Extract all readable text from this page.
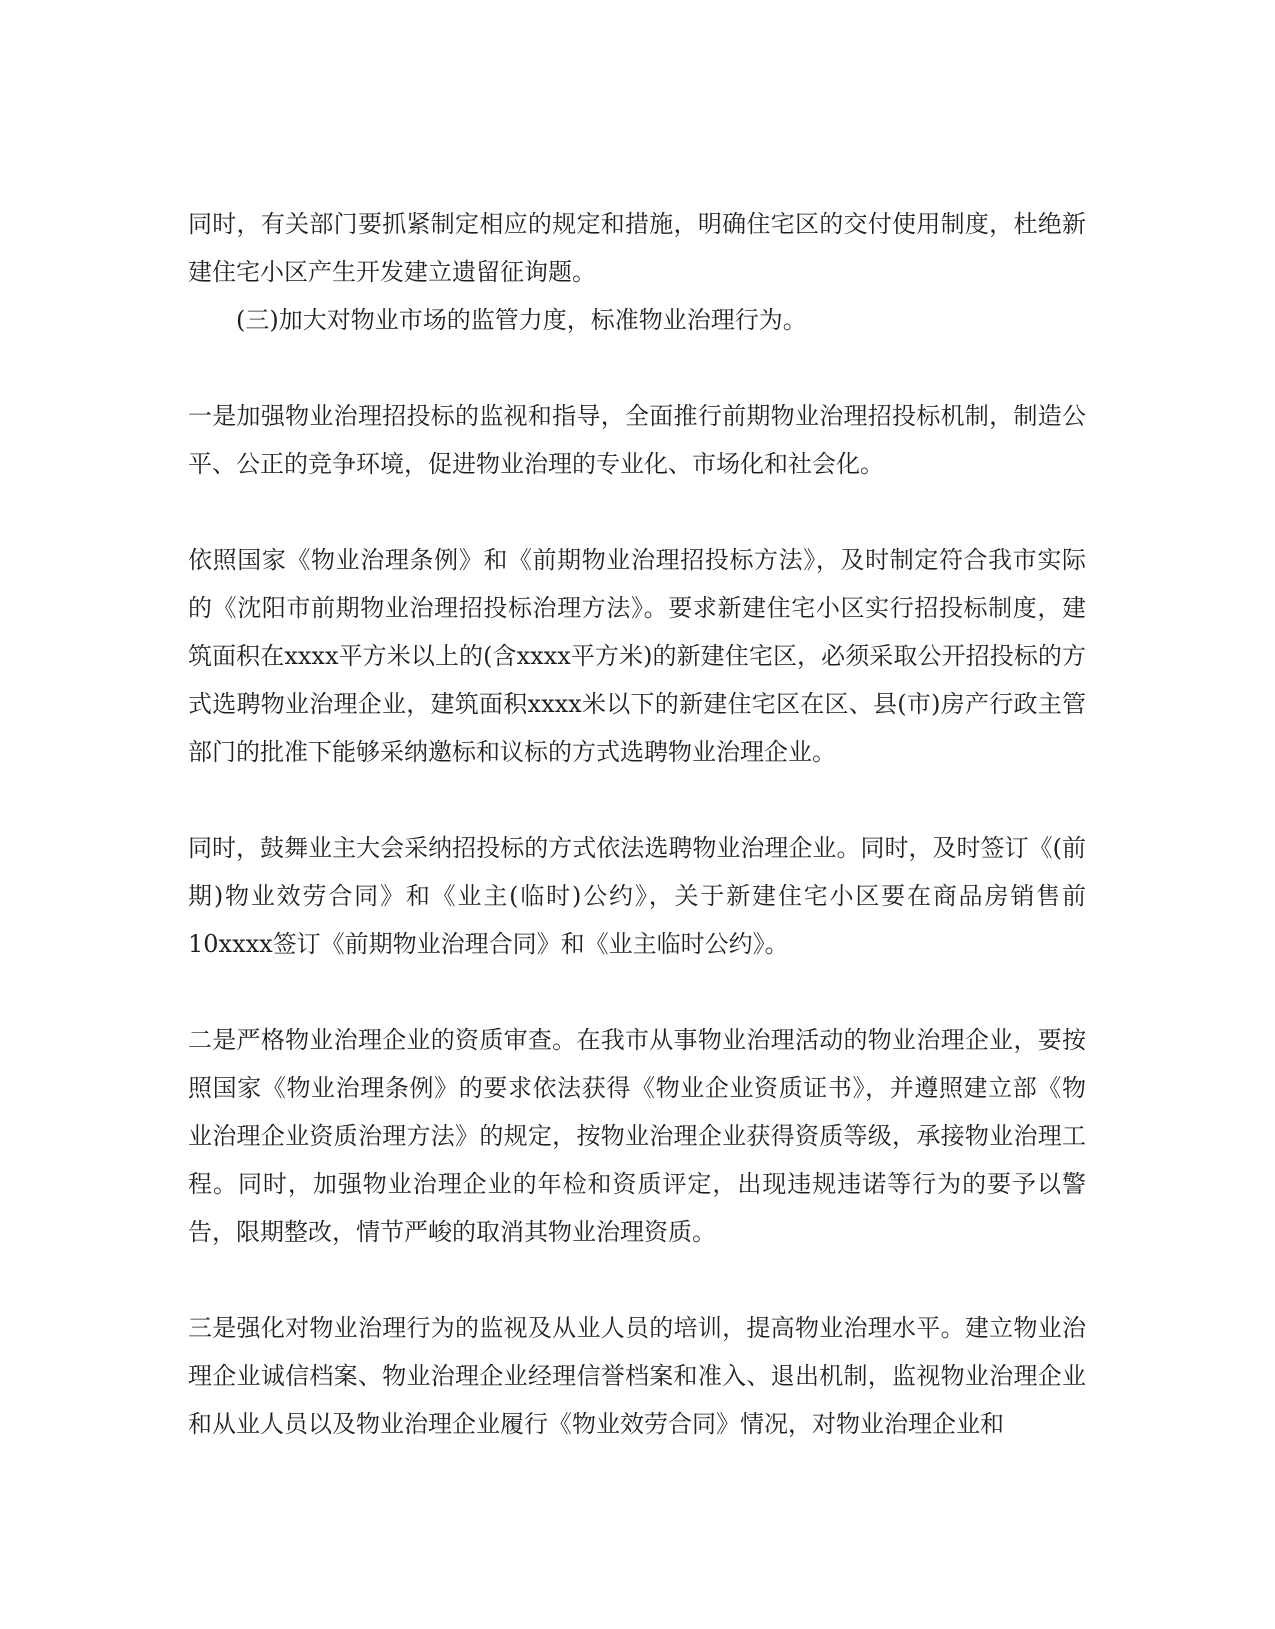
同时，有关部门要抓紧制定相应的规定和措施，明确住宅区的交付使用制度，杜绝新建住宅小区产生开发建立遗留征询题。

(三)加大对物业市场的监管力度，标准物业治理行为。

一是加强物业治理招投标的监视和指导，全面推行前期物业治理招投标机制，制造公平、公正的竞争环境，促进物业治理的专业化、市场化和社会化。

依照国家《物业治理条例》和《前期物业治理招投标方法》，及时制定符合我市实际的《沈阳市前期物业治理招投标治理方法》。要求新建住宅小区实行招投标制度，建筑面积在xxxx平方米以上的(含xxxx平方米)的新建住宅区，必须采取公开招投标的方式选聘物业治理企业，建筑面积xxxx米以下的新建住宅区在区、县(市)房产行政主管部门的批准下能够采纳邀标和议标的方式选聘物业治理企业。

同时，鼓舞业主大会采纳招投标的方式依法选聘物业治理企业。同时，及时签订《(前期)物业效劳合同》和《业主(临时)公约》，关于新建住宅小区要在商品房销售前10xxxx签订《前期物业治理合同》和《业主临时公约》。

二是严格物业治理企业的资质审查。在我市从事物业治理活动的物业治理企业，要按照国家《物业治理条例》的要求依法获得《物业企业资质证书》，并遵照建立部《物业治理企业资质治理方法》的规定，按物业治理企业获得资质等级，承接物业治理工程。同时，加强物业治理企业的年检和资质评定，出现违规违诺等行为的要予以警告，限期整改，情节严峻的取消其物业治理资质。

三是强化对物业治理行为的监视及从业人员的培训，提高物业治理水平。建立物业治理企业诚信档案、物业治理企业经理信誉档案和准入、退出机制，监视物业治理企业和从业人员以及物业治理企业履行《物业效劳合同》情况，对物业治理企业和
